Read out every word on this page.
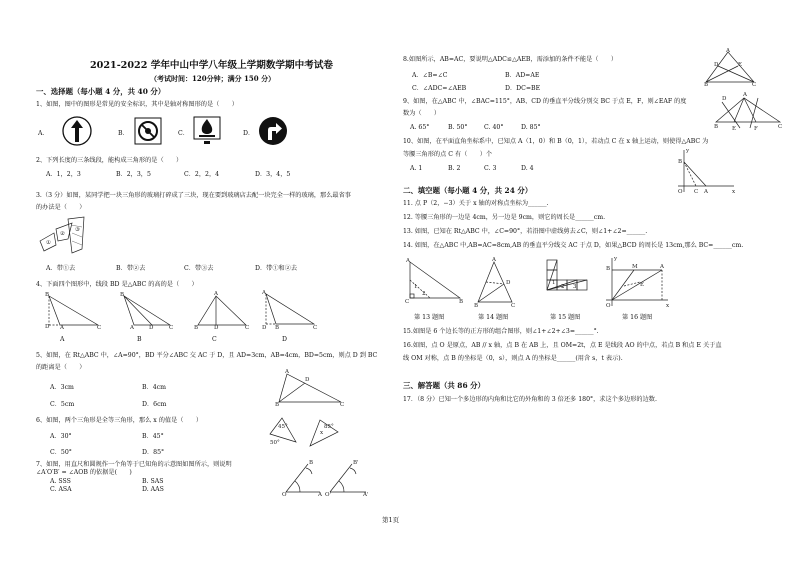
2021-2022 学年中山中学八年级上学期数学期中考试卷
（考试时间：120分钟；满分 150 分）
一、选择题（每小题 4 分，共 40 分）
1、如图，图中的图形是常见的安全标识，其中是轴对称图形的是（　　）
A．	B．	C．	D．
2、下列长度的三条线段，能构成三角形的是（　　）
A．1，2，3	B．2，3，5	C．2，2，4	D．3，4，5
3.（3 分）如图，某同学把一块三角形的玻璃打碎成了三块，现在要到玻璃店去配一块完全一样的玻璃，那么最省事
的办法是（　　）
①
②
③
A．带①去	B．带②去	C．带③去	D．带①和②去
4、下面四个图形中，线段 BD 是△ABC 的高的是（　　）
B
D A	C
B
A	D	C
A
B	D	C
A
D B	C
A	B	C	D
5、如图，在 Rt△ABC 中，∠A=90°，BD 平分∠ABC 交 AC 于 D，且 AD=3cm，AB=4cm，BD=5cm，则点 D 到 BC
的距离是（　　）
A
D
B	C
A．3cm	B．4cm
C．5cm	D．6cm
6、如图，两个三角形是全等三角形，那么 x 的值是（　　）
45°
50°
x
85°
A．30°	B．45°
C．50°	D．85°
7、如图，用直尺和圆规作一个角等于已知角的示意图如图所示，则说明
∠A′O′B′ = ∠AOB 的依据是(　　)
A. SSS	B. SAS
C. ASA	D. AAS
O	A
B
O'	A'
B'
8.如图所示，AB=AC，要说明△ADC≌△AEB，需添加的条件不能是（　　）
A
D	E
B	C
A．∠B=∠C	B．AD=AE
C．∠ADC=∠AEB	D．DC=BE
9、如图，在△ABC 中，∠BAC=115°，AB、CD 的垂直平分线分别交 BC 于点 E，F，则∠EAF 的度
数为（　　）
A
D
B	E	F	C
A. 65°	B. 50°	C. 40°	D. 85°
10、如图，在平面直角坐标系中，已知点 A（1，0）和 B（0，1），若动点 C 在 x 轴上运动，则使得△ABC 为
等腰三角形的点 C 有（　　）个	y
B
O C A	x
A. 1	B. 2	C. 3	D. 4
二、填空题（每小题 4 分，共 24 分）
11. 点 P（2，−3）关于 x 轴的对称点坐标为______.
12. 等腰三角形的一边是 4cm，另一边是 9cm，则它的周长是______cm.
13. 如图，已知在 Rt△ABC 中，∠C=90°，若沿图中虚线剪去∠C，则∠1+∠2=______.
14. 如图，在△ABC 中,AB=AC=8cm,AB 的垂直平分线交 AC 于点 D，如果△BCD 的周长是 13cm,那么 BC=______cm.
A
1
2
C	B
A
D
B	C
1
2 3
y
A
M
B
E
O	x
第 13 题图	第 14 题图	第 15 题图	第 16 题图
15.如图是 6 个边长等的正方形的组合图形，则∠1+∠2+∠3=______°.
16.如图，点 O 是原点，AB // x 轴，点 B 在 AB 上，且 OM=2t，点 E 是线段 AO 的中点，若点 B 和点 E 关于直
线 OM 对称，点 B 的坐标是（0，s），则点 A 的坐标是______(用含 s，t 表示).
三、解答题（共 86 分）
17．（8 分）已知一个多边形的内角和比它的外角和的 3 倍还多 180°，求这个多边形的边数.
第1页
